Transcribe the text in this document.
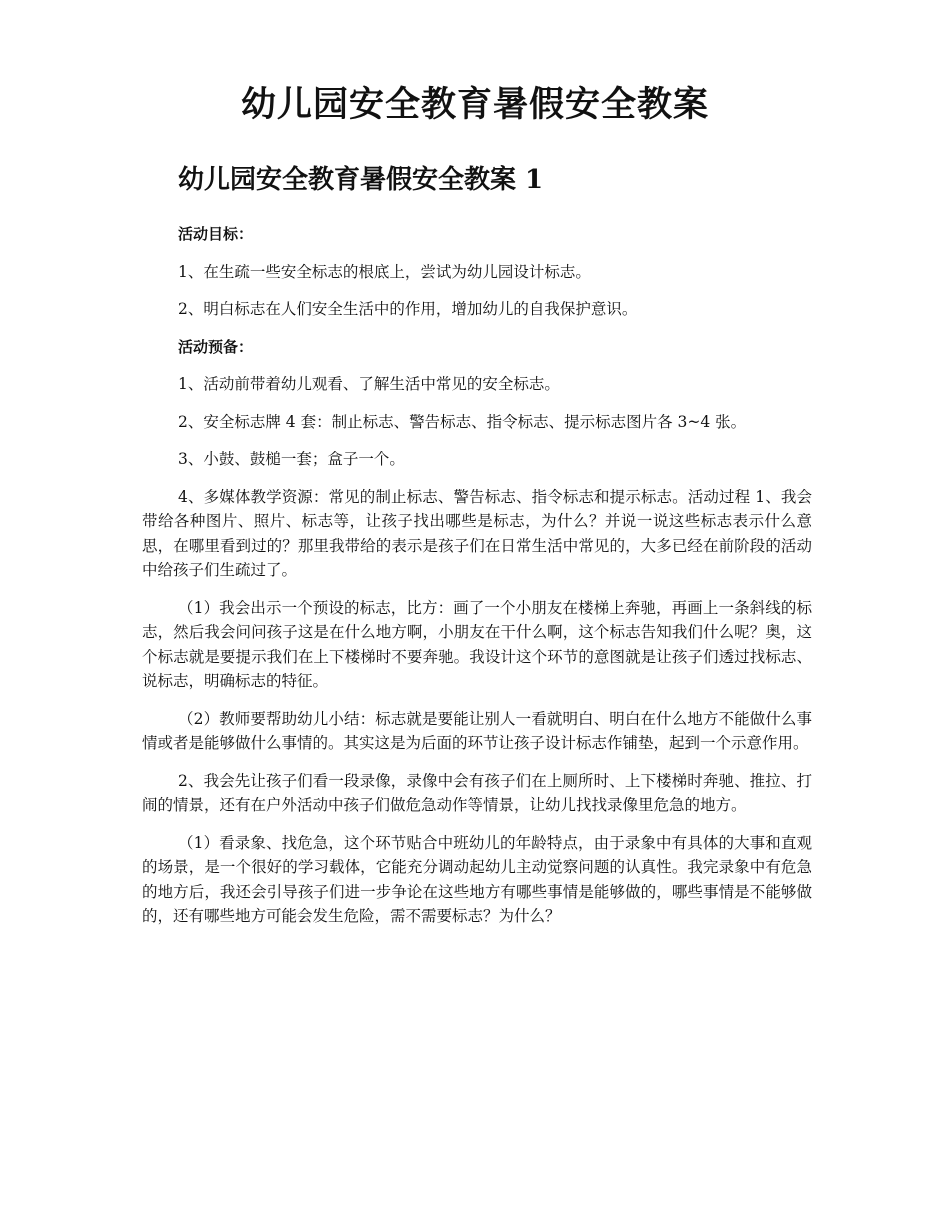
幼儿园安全教育暑假安全教案
幼儿园安全教育暑假安全教案 1

活动目标：

1、在生疏一些安全标志的根底上，尝试为幼儿园设计标志。

2、明白标志在人们安全生活中的作用，增加幼儿的自我保护意识。

活动预备：

1、活动前带着幼儿观看、了解生活中常见的安全标志。

2、安全标志牌 4 套：制止标志、警告标志、指令标志、提示标志图片各 3~4 张。

3、小鼓、鼓槌一套；盒子一个。

4、多媒体教学资源：常见的制止标志、警告标志、指令标志和提示标志。活动过程 1、我会带给各种图片、照片、标志等，让孩子找出哪些是标志，为什么？并说一说这些标志表示什么意思，在哪里看到过的？那里我带给的表示是孩子们在日常生活中常见的，大多已经在前阶段的活动中给孩子们生疏过了。

（1）我会出示一个预设的标志，比方：画了一个小朋友在楼梯上奔驰，再画上一条斜线的标志，然后我会问问孩子这是在什么地方啊，小朋友在干什么啊，这个标志告知我们什么呢？奥，这个标志就是要提示我们在上下楼梯时不要奔驰。我设计这个环节的意图就是让孩子们透过找标志、说标志，明确标志的特征。

（2）教师要帮助幼儿小结：标志就是要能让别人一看就明白、明白在什么地方不能做什么事情或者是能够做什么事情的。其实这是为后面的环节让孩子设计标志作铺垫，起到一个示意作用。

2、我会先让孩子们看一段录像，录像中会有孩子们在上厕所时、上下楼梯时奔驰、推拉、打闹的情景，还有在户外活动中孩子们做危急动作等情景，让幼儿找找录像里危急的地方。

（1）看录象、找危急，这个环节贴合中班幼儿的年龄特点，由于录象中有具体的大事和直观的场景，是一个很好的学习载体，它能充分调动起幼儿主动觉察问题的认真性。我完录象中有危急的地方后，我还会引导孩子们进一步争论在这些地方有哪些事情是能够做的，哪些事情是不能够做的，还有哪些地方可能会发生危险，需不需要标志？为什么？
